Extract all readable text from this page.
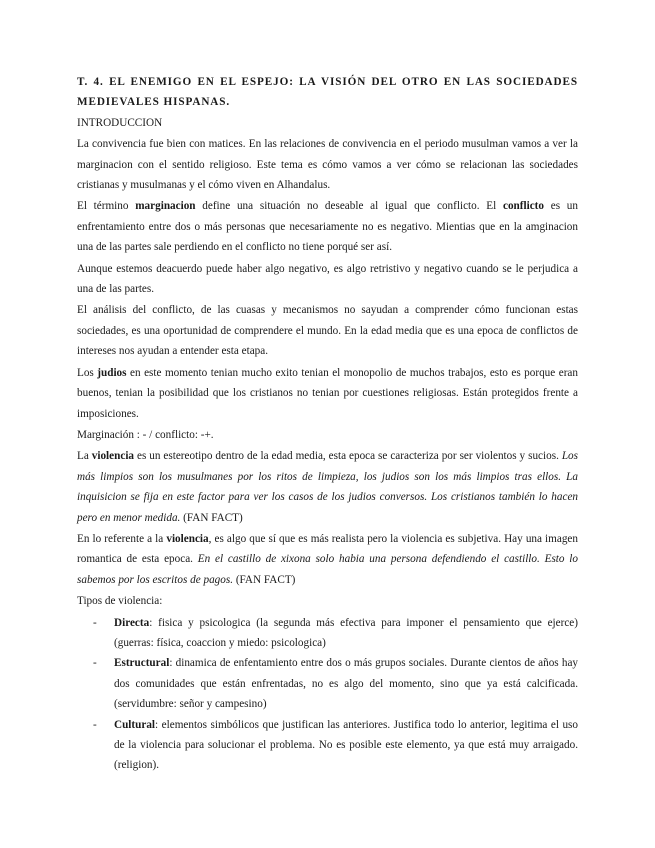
T. 4. EL ENEMIGO EN EL ESPEJO: LA VISIÓN DEL OTRO EN LAS SOCIEDADES MEDIEVALES HISPANAS.

INTRODUCCION

La convivencia fue bien con matices. En las relaciones de convivencia en el periodo musulman vamos a ver la marginacion con el sentido religioso. Este tema es cómo vamos a ver cómo se relacionan las sociedades cristianas y musulmanas y el cómo viven en Alhandalus.

El término marginacion define una situación no deseable al igual que conflicto. El conflicto es un enfrentamiento entre dos o más personas que necesariamente no es negativo. Mientias que en la amginacion una de las partes sale perdiendo en el conflicto no tiene porqué ser así.

Aunque estemos deacuerdo puede haber algo negativo, es algo retristivo y negativo cuando se le perjudica a una de las partes.

El análisis del conflicto, de las cuasas y mecanismos no sayudan a comprender cómo funcionan estas sociedades, es una oportunidad de comprendere el mundo. En la edad media que es una epoca de conflictos de intereses nos ayudan a entender esta etapa.

Los judios en este momento tenian mucho exito tenian el monopolio de muchos trabajos, esto es porque eran buenos, tenian la posibilidad que los cristianos no tenian por cuestiones religiosas. Están protegidos frente a imposiciones.

Marginación : - / conflicto: -+.

La violencia es un estereotipo dentro de la edad media, esta epoca se caracteriza por ser violentos y sucios. Los más limpios son los musulmanes por los ritos de limpieza, los judios son los más limpios tras ellos. La inquisicion se fija en este factor para ver los casos de los judios conversos. Los cristianos también lo hacen pero en menor medida. (FAN FACT)

En lo referente a la violencia, es algo que sí que es más realista pero la violencia es subjetiva. Hay una imagen romantica de esta epoca. En el castillo de xixona solo habia una persona defendiendo el castillo. Esto lo sabemos por los escritos de pagos. (FAN FACT)

Tipos de violencia:

- Directa: fisica y psicologica (la segunda más efectiva para imponer el pensamiento que ejerce) (guerras: física, coaccion y miedo: psicologica)
- Estructural: dinamica de enfentamiento entre dos o más grupos sociales. Durante cientos de años hay dos comunidades que están enfrentadas, no es algo del momento, sino que ya está calcificada. (servidumbre: señor y campesino)
- Cultural: elementos simbólicos que justifican las anteriores. Justifica todo lo anterior, legitima el uso de la violencia para solucionar el problema. No es posible este elemento, ya que está muy arraigado. (religion).
